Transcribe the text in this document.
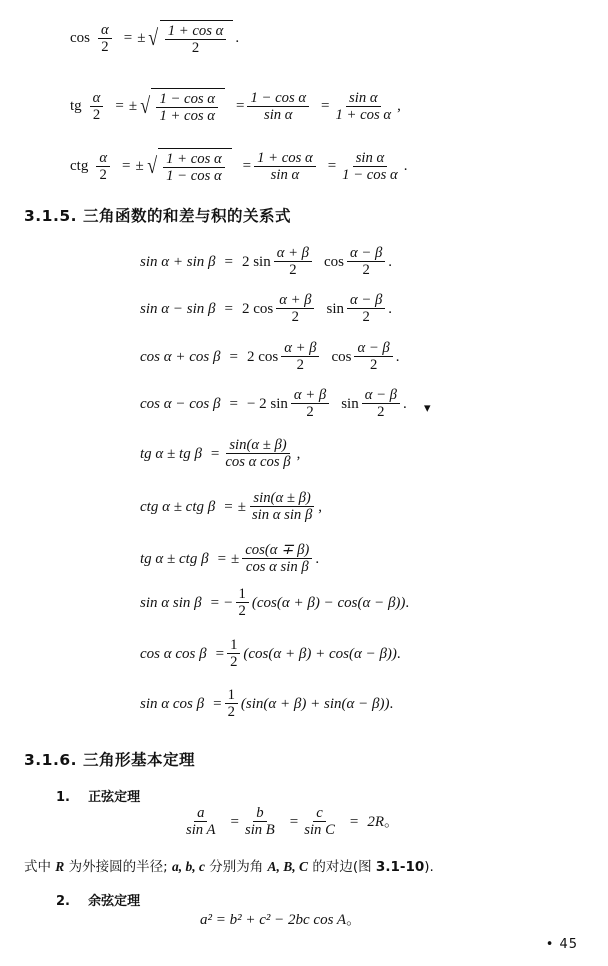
$\cos \frac{\alpha}{2}$ = ± √ $\frac{\text{1 + cos α}}{2}$ .
tg $\frac{\alpha}{2}$ = ± √ $\frac{\text{1 − cos α}}{\text{1 + cos α}} = \frac{\text{1 − cos α}}{\text{sin α}} = \frac{\text{sin α}}{\text{1 + cos α}}$ ,
ctg $\frac{\alpha}{2}$ = ± √ $\frac{\text{1 + cos α}}{\text{1 − cos α}} = \frac{\text{1 + cos α}}{\text{sin α}} = \frac{\text{sin α}}{\text{1 − cos α}}$ .
3.1.5. 三角函数的和差与积的关系式
sin α + sin β = 2 $\sin \frac{\alpha + \beta}{2}$ $\cos \frac{\alpha - \beta}{2}$ .
sin α − sin β = 2 $\cos \frac{\alpha + \beta}{2}$ $\sin \frac{\alpha - \beta}{2}$ .
cos α + cos β = 2 $\cos \frac{\alpha + \beta}{2}$ $\cos \frac{\alpha - \beta}{2}$ .
cos α − cos β = − 2 $\sin \frac{\alpha + \beta}{2}$ $\sin \frac{\alpha - \beta}{2}$ . ▾
tg α ± tg $\beta = \frac{\sin(\alpha \pm \beta)}{\text{cos α cos β}}$ ,
ctg α ± ctg β = ± $\frac{\sin(\alpha \pm \beta)}{\text{sin α sin β}}$ ,
tg α ± ctg β = ± $\frac{\cos(\alpha \mp \beta)}{\text{cos α sin β}}$ .
sin α sin β = − $\frac{1}{2} (\cos(\alpha + \beta) - \cos(\alpha - \beta))$ .
cos α $\cos \beta = \frac{1}{2} (\cos(\alpha + \beta) + \cos(\alpha - \beta))$ .
sin α $\cos \beta = \frac{1}{2} (\sin(\alpha + \beta) + \sin(\alpha - \beta))$ .
3.1.6. 三角形基本定理
1. 正弦定理
$\frac{a}{\text{sin A}} = \frac{b}{\text{sin B}} = \frac{c}{\text{sin C}} = 2R$ 。
式中 R 为外接圆的半径; a, b, c 分别为角 A, B, C 的对边(图 3.1-10).
2. 余弦定理
a² = b² + c² − 2bc cos A 。
• 45
